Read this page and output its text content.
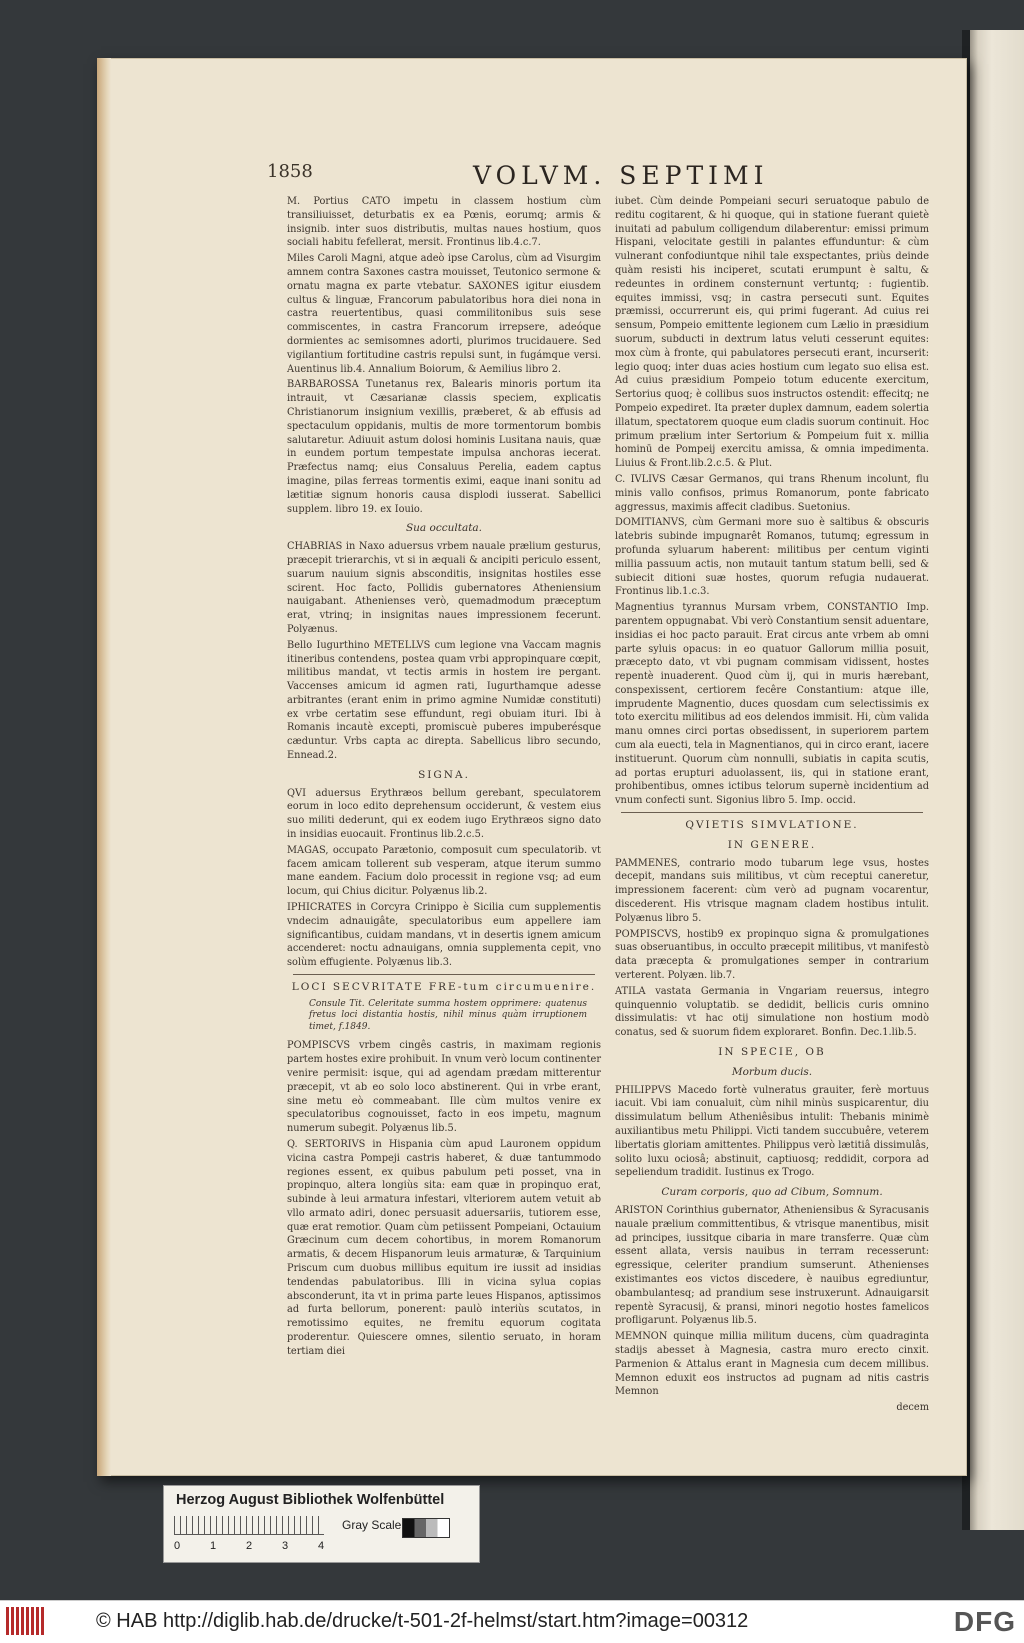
1858	VOLVM. SEPTIMI

M. Portius CATO impetu in classem hostium cùm transiliuisset, deturbatis ex ea Pœnis, eorumq; armis & insignib. inter suos distributis, multas naues hostium, quos sociali habitu fefellerat, mersit. Frontinus lib.4.c.7.

Miles Caroli Magni, atque adeò ipse Carolus, cùm ad Visurgim amnem contra Saxones castra mouisset, Teutonico sermone & ornatu magna ex parte vtebatur. SAXONES igitur eiusdem cultus & linguæ, Francorum pabulatoribus hora diei nona in castra reuertentibus, quasi commilitonibus suis sese commiscentes, in castra Francorum irrepsere, adeóque dormientes ac semisomnes adorti, plurimos trucidauere. Sed vigilantium fortitudine castris repulsi sunt, in fugámque versi. Auentinus lib.4. Annalium Boiorum, & Aemilius libro 2.

BARBAROSSA Tunetanus rex, Balearis minoris portum ita intrauit, vt Cæsarianæ classis speciem, explicatis Christianorum insignium vexillis, præberet, & ab effusis ad spectaculum oppidanis, multis de more tormentorum bombis salutaretur. Adiuuit astum dolosi hominis Lusitana nauis, quæ in eundem portum tempestate impulsa anchoras iecerat. Præfectus namq; eius Consaluus Perelia, eadem captus imagine, pilas ferreas tormentis eximi, eaque inani sonitu ad lætitiæ signum honoris causa displodi iusserat. Sabellici supplem. libro 19. ex Iouio.

Sua occultata.

CHABRIAS in Naxo aduersus vrbem nauale prælium gesturus, præcepit trierarchis, vt si in æquali & ancipiti periculo essent, suarum nauium signis absconditis, insignitas hostiles esse scirent. Hoc facto, Pollidis gubernatores Atheniensium nauigabant. Athenienses verò, quemadmodum præceptum erat, vtrinq; in insignitas naues impressionem fecerunt. Polyænus.

Bello Iugurthino METELLVS cum legione vna Vaccam magnis itineribus contendens, postea quam vrbi appropinquare cœpit, militibus mandat, vt tectis armis in hostem ire pergant. Vaccenses amicum id agmen rati, Iugurthamque adesse arbitrantes (erant enim in primo agmine Numidæ constituti) ex vrbe certatim sese effundunt, regi obuiam ituri. Ibi à Romanis incautè excepti, promiscuè puberes impuberésque cæduntur. Vrbs capta ac direpta. Sabellicus libro secundo, Ennead.2.

SIGNA.

QVI aduersus Erythræos bellum gerebant, speculatorem eorum in loco edito deprehensum occiderunt, & vestem eius suo militi dederunt, qui ex eodem iugo Erythræos signo dato in insidias euocauit. Frontinus lib.2.c.5.

MAGAS, occupato Parætonio, composuit cum speculatorib. vt facem amicam tollerent sub vesperam, atque iterum summo mane eandem. Facium dolo processit in regione vsq; ad eum locum, qui Chius dicitur. Polyænus lib.2.

IPHICRATES in Corcyra Crinippo è Sicilia cum supplementis vndecim adnauigâte, speculatoribus eum appellere iam significantibus, cuidam mandans, vt in desertis ignem amicum accenderet: noctu adnauigans, omnia supplementa cepit, vno solùm effugiente. Polyænus lib.3.

LOCI SECVRITATE FRE-tum circumuenire.
Consule Tit. Celeritate summa hostem opprimere: quatenus fretus loci distantia hostis, nihil minus quàm irruptionem timet, f.1849.

POMPISCVS vrbem cingês castris, in maximam regionis partem hostes exire prohibuit. In vnum verò locum continenter venire permisit: isque, qui ad agendam prædam mitterentur præcepit, vt ab eo solo loco abstinerent. Qui in vrbe erant, sine metu eò commeabant. Ille cùm multos venire ex speculatoribus cognouisset, facto in eos impetu, magnum numerum subegit. Polyænus lib.5.

Q. SERTORIVS in Hispania cùm apud Lauronem oppidum vicina castra Pompeji castris haberet, & duæ tantummodo regiones essent, ex quibus pabulum peti posset, vna in propinquo, altera longiùs sita: eam quæ in propinquo erat, subinde à leui armatura infestari, vlteriorem autem vetuit ab vllo armato adiri, donec persuasit aduersariis, tutiorem esse, quæ erat remotior. Quam cùm petiissent Pompeiani, Octauium Græcinum cum decem cohortibus, in morem Romanorum armatis, & decem Hispanorum leuis armaturæ, & Tarquinium Priscum cum duobus millibus equitum ire iussit ad insidias tendendas pabulatoribus. Illi in vicina sylua copias absconderunt, ita vt in prima parte leues Hispanos, aptissimos ad furta bellorum, ponerent: paulò interiùs scutatos, in remotissimo equites, ne fremitu equorum cogitata proderentur. Quiescere omnes, silentio seruato, in horam tertiam diei

iubet. Cùm deinde Pompeiani securi seruatoque pabulo de reditu cogitarent, & hi quoque, qui in statione fuerant quietè inuitati ad pabulum colligendum dilaberentur: emissi primum Hispani, velocitate gestili in palantes effunduntur: & cùm vulnerant confodiuntque nihil tale exspectantes, priùs deinde quàm resisti his inciperet, scutati erumpunt è saltu, & redeuntes in ordinem consternunt vertuntq; : fugientib. equites immissi, vsq; in castra persecuti sunt. Equites præmissi, occurrerunt eis, qui primi fugerant. Ad cuius rei sensum, Pompeio emittente legionem cum Lælio in præsidium suorum, subducti in dextrum latus veluti cesserunt equites: mox cùm à fronte, qui pabulatores persecuti erant, incurserit: legio quoq; inter duas acies hostium cum legato suo elisa est. Ad cuius præsidium Pompeio totum educente exercitum, Sertorius quoq; è collibus suos instructos ostendit: effecitq; ne Pompeio expediret. Ita præter duplex damnum, eadem solertia illatum, spectatorem quoque eum cladis suorum continuit. Hoc primum prælium inter Sertorium & Pompeium fuit x. millia hominū de Pompeij exercitu amissa, & omnia impedimenta. Liuius & Front.lib.2.c.5. & Plut.

C. IVLIVS Cæsar Germanos, qui trans Rhenum incolunt, flu minis vallo confisos, primus Romanorum, ponte fabricato aggressus, maximis affecit cladibus. Suetonius.

DOMITIANVS, cùm Germani more suo è saltibus & obscuris latebris subinde impugnarêt Romanos, tutumq; egressum in profunda syluarum haberent: militibus per centum viginti millia passuum actis, non mutauit tantum statum belli, sed & subiecit ditioni suæ hostes, quorum refugia nudauerat. Frontinus lib.1.c.3.

Magnentius tyrannus Mursam vrbem, CONSTANTIO Imp. parentem oppugnabat. Vbi verò Constantium sensit aduentare, insidias ei hoc pacto parauit. Erat circus ante vrbem ab omni parte syluis opacus: in eo quatuor Gallorum millia posuit, præcepto dato, vt vbi pugnam commisam vidissent, hostes repentè inuaderent. Quod cùm ij, qui in muris hærebant, conspexissent, certiorem fecêre Constantium: atque ille, imprudente Magnentio, duces quosdam cum selectissimis ex toto exercitu militibus ad eos delendos immisit. Hi, cùm valida manu omnes circi portas obsedissent, in superiorem partem cum ala euecti, tela in Magnentianos, qui in circo erant, iacere instituerunt. Quorum cùm nonnulli, subiatis in capita scutis, ad portas erupturi aduolassent, iis, qui in statione erant, prohibentibus, omnes ictibus telorum supernè incidentium ad vnum confecti sunt. Sigonius libro 5. Imp. occid.

QVIETIS SIMVLATIONE.
IN GENERE.

PAMMENES, contrario modo tubarum lege vsus, hostes decepit, mandans suis militibus, vt cùm receptui caneretur, impressionem facerent: cùm verò ad pugnam vocarentur, discederent. His vtrisque magnam cladem hostibus intulit. Polyænus libro 5.

POMPISCVS, hostib9 ex propinquo signa & promulgationes suas obseruantibus, in occulto præcepit militibus, vt manifestò data præcepta & promulgationes semper in contrarium verterent. Polyæn. lib.7.

ATILA vastata Germania in Vngariam reuersus, integro quinquennio voluptatib. se dedidit, bellicis curis omnino dissimulatis: vt hac otij simulatione non hostium modò conatus, sed & suorum fidem exploraret. Bonfin. Dec.1.lib.5.

IN SPECIE, OB
Morbum ducis.

PHILIPPVS Macedo fortè vulneratus grauiter, ferè mortuus iacuit. Vbi iam conualuit, cùm nihil minùs suspicarentur, diu dissimulatum bellum Atheniêsibus intulit: Thebanis minimè auxiliantibus metu Philippi. Victi tandem succubuêre, veterem libertatis gloriam amittentes. Philippus verò lætitiâ dissimulâs, solito luxu ociosâ; abstinuit, captiuosq; reddidit, corpora ad sepeliendum tradidit. Iustinus ex Trogo.

Curam corporis, quo ad Cibum, Somnum.

ARISTON Corinthius gubernator, Atheniensibus & Syracusanis nauale prælium committentibus, & vtrisque manentibus, misit ad principes, iussitque cibaria in mare transferre. Quæ cùm essent allata, versis nauibus in terram recesserunt: egressique, celeriter prandium sumserunt. Athenienses existimantes eos victos discedere, è nauibus egrediuntur, obambulantesq; ad prandium sese instruxerunt. Adnauigarsit repentè Syracusij, & pransi, minori negotio hostes famelicos profligarunt. Polyænus lib.5.

MEMNON quinque millia militum ducens, cùm quadraginta stadijs abesset à Magnesia, castra muro erecto cinxit. Parmenion & Attalus erant in Magnesia cum decem millibus. Memnon eduxit eos instructos ad pugnam ad nitis castris Memnon

decem
Herzog August Bibliothek Wolfenbüttel
0	1	2	3	4
Gray Scale
© HAB http://diglib.hab.de/drucke/t-501-2f-helmst/start.htm?image=00312	DFG
